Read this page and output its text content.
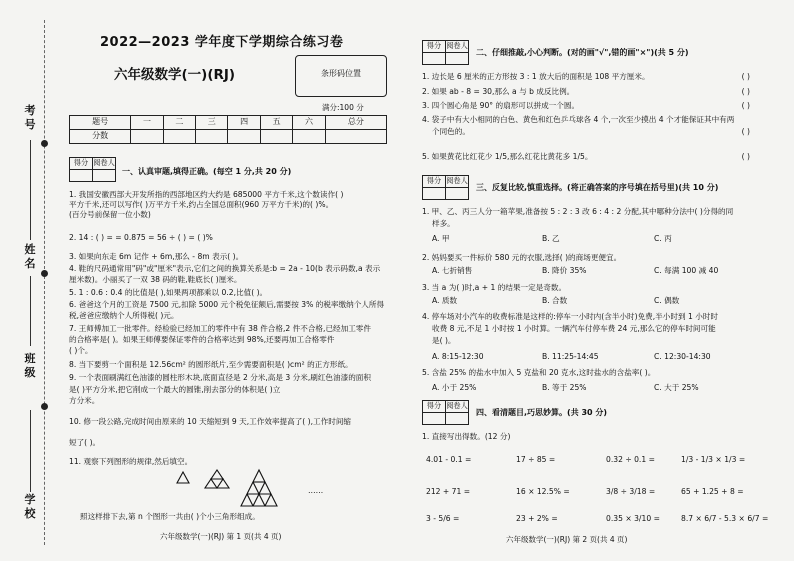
考号
姓名
班级
学校
2022—2023 学年度下学期综合练习卷
六年级数学(一)(RJ)	条形码位置
满分:100 分
题号	一	二	三	四	五	六	总分
分数							
得分	阅卷人

一、认真审题,填得正确。(每空 1 分,共 20 分)
1. 我国安徽西部大开发所指的西部地区约大约是 685000 平方千米,这个数读作( )
平方千米,还可以写作( )万平方千米,约占全国总面积(960 万平方千米)的( )%。
(百分号前保留一位小数)
2. 14 : ( ) = = 0.875 = 56 ÷ ( ) = ( )%
3. 如果向东走 6m 记作 + 6m,那么 - 8m 表示( )。
4. 鞋的尺码通常用"码"或"厘米"表示,它们之间的换算关系是:b = 2a - 10(b 表示码数,a 表示
厘米数)。小丽买了一双 38 码的鞋,鞋底长( )厘米。
5. 1 : 0.6 : 0.4 的比值是( ),如果两项都乘以 0.2,比值( )。
6. 爸爸这个月的工资是 7500 元,扣除 5000 元个税免征额后,需要按 3% 的税率缴纳个人所得
税,爸爸应缴纳个人所得税( )元。
7. 王师傅加工一批零件。经检验已经加工的零件中有 38 件合格,2 件不合格,已经加工零件
的合格率是( )。如果王师傅要保证零件的合格率达到 98%,还要再加工合格零件
( )个。
8. 当下要剪一个面积是 12.56cm² 的圆形纸片,至少需要面积是( )cm² 的正方形纸。
9. 一个表面刷满红色油漆的圆柱形木块,底面直径是 2 分米,高是 3 分米,刷红色油漆的面积
是( )平方分米,把它削成一个最大的圆锥,削去部分的体积是( )立
方分米。
10. 修一段公路,完成时间由原来的 10 天缩短到 9 天,工作效率提高了( ),工作时间缩
短了( )。
11. 观察下列图形的规律,然后填空。
……
照这样排下去,第 n 个图形一共由( )个小三角形组成。
六年级数学(一)(RJ) 第 1 页(共 4 页)
得分	阅卷人

二、仔细推敲,小心判断。(对的画"√",错的画"×")(共 5 分)
1. 边长是 6 厘米的正方形按 3 : 1 放大后的面积是 108 平方厘米。	( )
2. 如果 ab - 8 = 30,那么 a 与 b 成反比例。	( )
3. 四个圆心角是 90° 的扇形可以拼成一个圆。	( )
4. 袋子中有大小相同的白色、黄色和红色乒乓球各 4 个,一次至少摸出 4 个才能保证其中有两
个同色的。	( )
5. 如果黄花比红花少 1/5,那么红花比黄花多 1/5。	( )
得分	阅卷人

三、反复比较,慎重选择。(将正确答案的序号填在括号里)(共 10 分)
1. 甲、乙、丙三人分一箱苹果,准备按 5 : 2 : 3 改 6 : 4 : 2 分配,其中哪种分法中( )分得的同
样多。
A. 甲	B. 乙	C. 丙
2. 妈妈要买一件标价 580 元的衣服,选择( )的商场更便宜。
A. 七折销售	B. 降价 35%	C. 每满 100 减 40
3. 当 a 为( )时,a + 1 的结果一定是奇数。
A. 质数	B. 合数	C. 偶数
4. 停车场对小汽车的收费标准是这样的:停车一小时内(含半小时)免费,半小时到 1 小时时
收费 8 元,不足 1 小时按 1 小时算。一辆汽车付停车费 24 元,那么它的停车时间可能
是( )。
A. 8:15-12:30	B. 11:25-14:45	C. 12:30-14:30
5. 含盐 25% 的盐水中加入 5 克盐和 20 克水,这时盐水的含盐率( )。
A. 小于 25%	B. 等于 25%	C. 大于 25%
得分	阅卷人

四、看清题目,巧思妙算。(共 30 分)
1. 直接写出得数。(12 分)
4.01 - 0.1 =	17 ÷ 85 =	0.32 ÷ 0.1 =	1/3 - 1/3 × 1/3 =
212 + 71 =	16 × 12.5% =	3/8 ÷ 3/18 =	65 + 1.25 + 8 =
3 - 5/6 =	23 + 2% =	0.35 × 3/10 =	8.7 × 6/7 - 5.3 × 6/7 =
六年级数学(一)(RJ) 第 2 页(共 4 页)
